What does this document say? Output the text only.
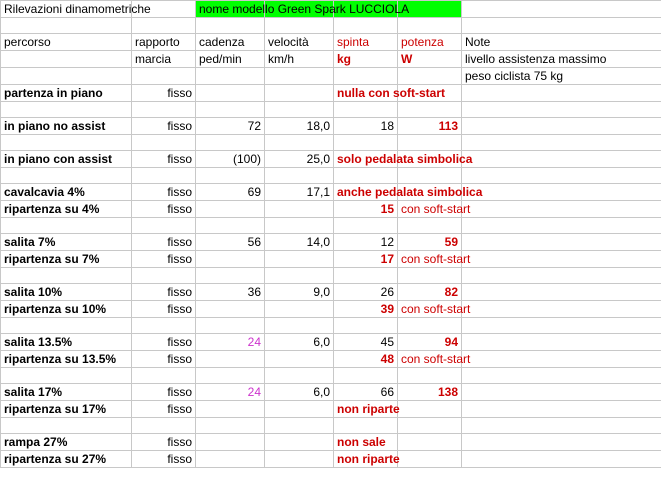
Rilevazioni dinamometriche		nome modello Green Spark LUCCIOLA				

percorso	rapporto	cadenza	velocità	spinta	potenza	Note
	marcia	ped/min	km/h	kg	W	livello assistenza massimo
						peso ciclista 75 kg
partenza in piano	fisso			nulla con soft-start		

in piano no assist	fisso	72	18,0	18	113	

in piano con assist	fisso	(100)	25,0	solo pedalata simbolica		

cavalcavia 4%	fisso	69	17,1	anche pedalata simbolica		
ripartenza su 4%	fisso			15	con soft-start	

salita 7%	fisso	56	14,0	12	59	
ripartenza su 7%	fisso			17	con soft-start	

salita 10%	fisso	36	9,0	26	82	
ripartenza su 10%	fisso			39	con soft-start	

salita 13.5%	fisso	24	6,0	45	94	
ripartenza su 13.5%	fisso			48	con soft-start	

salita 17%	fisso	24	6,0	66	138	
ripartenza su 17%	fisso			non riparte		

rampa 27%	fisso			non sale		
ripartenza su 27%	fisso			non riparte		
